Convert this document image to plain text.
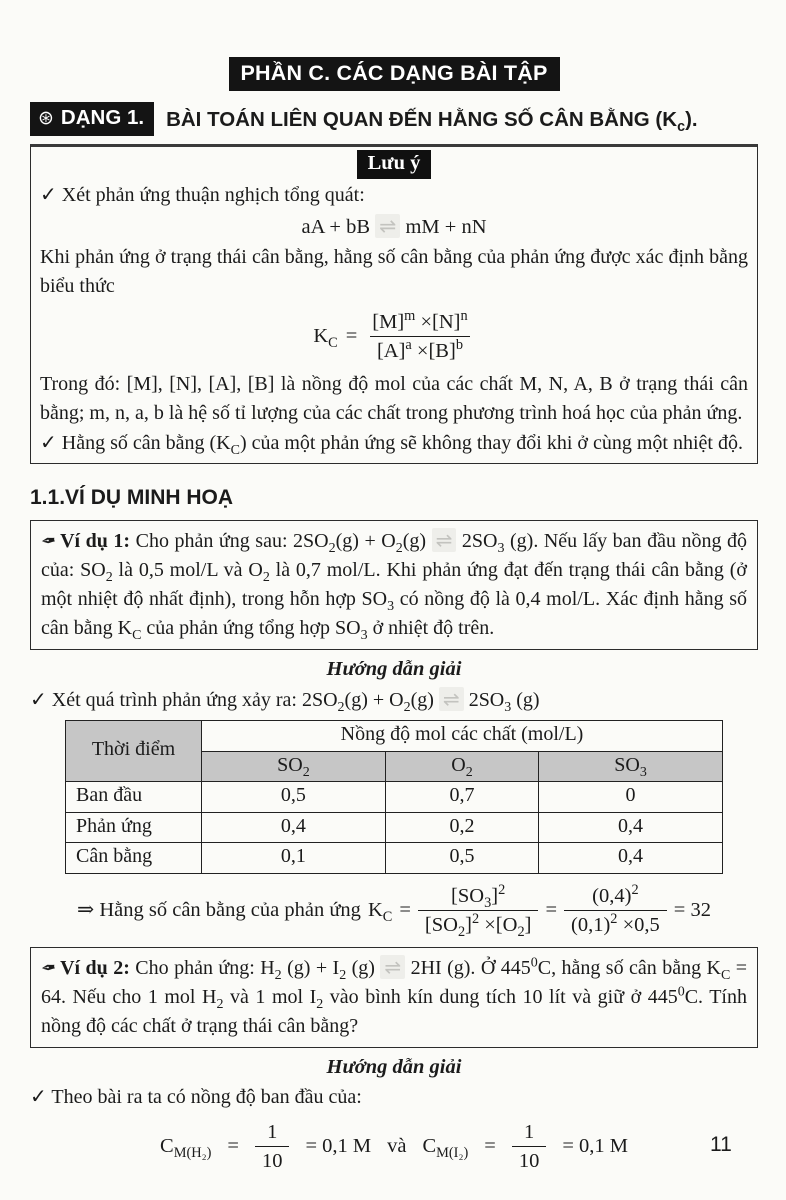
PHẦN C. CÁC DẠNG BÀI TẬP
⊛ DẠNG 1. BÀI TOÁN LIÊN QUAN ĐẾN HẰNG SỐ CÂN BẰNG $(K_c)$.
Lưu ý
✓ Xét phản ứng thuận nghịch tổng quát:
aA + bB ⇌ mM + nN

Khi phản ứng ở trạng thái cân bằng, hằng số cân bằng của phản ứng được xác định bằng biểu thức

$K_C = \frac{[M]^m \times[N]^n}{[A]^a \times[B]^b}$

Trong đó: [M], [N], [A], [B] là nồng độ mol của các chất M, N, A, B ở trạng thái cân bằng; m, n, a, b là hệ số tỉ lượng của các chất trong phương trình hoá học của phản ứng.

✓ Hằng số cân bằng $(K_C)$ của một phản ứng sẽ không thay đổi khi ở cùng một nhiệt độ.
1.1.VÍ DỤ MINH HOẠ

✒ Ví dụ 1: Cho phản ứng sau: $2SO_2(g) + O_2(g)$ ⇌ $2SO_3$ (g). Nếu lấy ban đầu nồng độ của: $SO_2$ là 0,5 mol/L và $O_2$ là 0,7 mol/L. Khi phản ứng đạt đến trạng thái cân bằng (ở một nhiệt độ nhất định), trong hỗn hợp $SO_3$ có nồng độ là 0,4 mol/L. Xác định hằng số cân bằng $K_C$ của phản ứng tổng hợp $SO_3$ ở nhiệt độ trên.

Hướng dẫn giải
✓ Xét quá trình phản ứng xảy ra: $2SO_2(g) + O_2(g)$ ⇌ $2SO_3$ (g)
Thời điểm	Nồng độ mol các chất (mol/L)		
	$SO_2$	$O_2$	$SO_3$
Ban đầu	0,5	0,7	0
Phản ứng	0,4	0,2	0,4
Cân bằng	0,1	0,5	0,4
⇒ Hằng số cân bằng của phản ứng $K_C = \frac{[SO_3]^2}{[SO_2]^2 \times[O_2]} = \frac{(0,4)^2}{(0,1)^2 \times 0,5} = 32$

✒ Ví dụ 2: Cho phản ứng: $H_2$ $(g) + I_2$ (g) ⇌ 2HI (g). Ở $445^0C$, hằng số cân bằng $K_C = 64$. Nếu cho 1 mol $H_2$ và 1 mol $I_2$ vào bình kín dung tích 10 lít và giữ ở $445^0C$. Tính nồng độ các chất ở trạng thái cân bằng?

Hướng dẫn giải
✓ Theo bài ra ta có nồng độ ban đầu của:
$C_{M(H_2)} = \frac{1}{10} = 0,1$ M và $C_{M(I_2)} = \frac{1}{10} = 0,1$ M	11
